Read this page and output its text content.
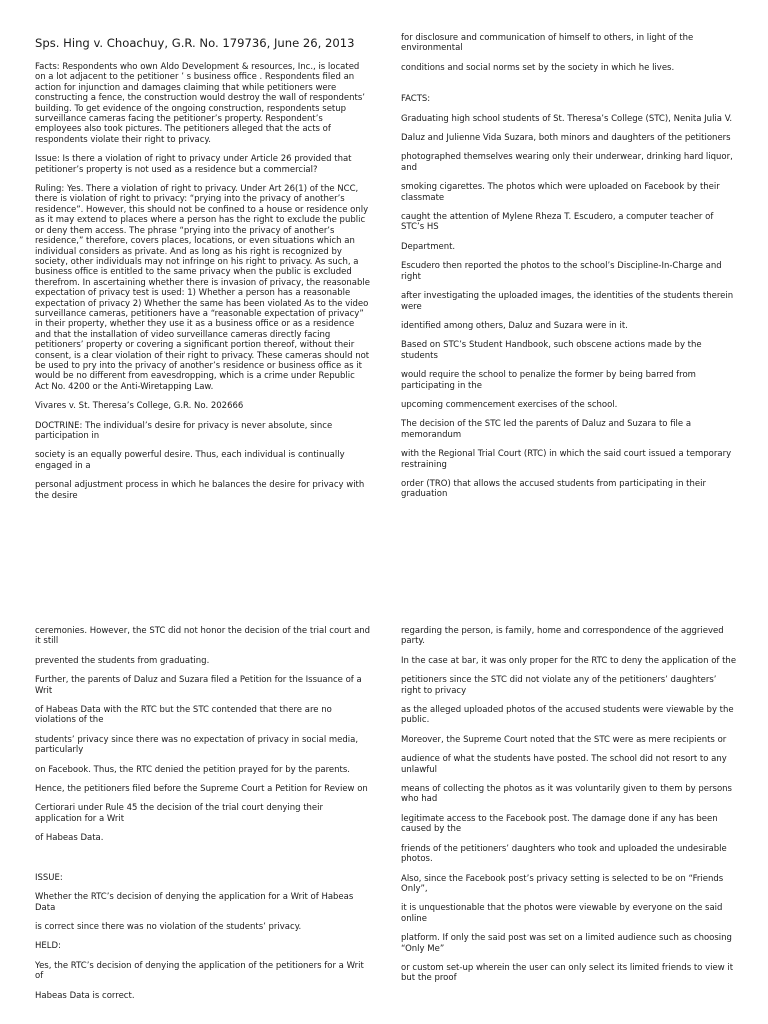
Sps. Hing v. Choachuy, G.R. No. 179736, June 26, 2013

Facts: Respondents who own Aldo Development & resources, Inc., is located on a lot adjacent to the petitioner ’ s business office . Respondents filed an action for injunction and damages claiming that while petitioners were constructing a fence, the construction would destroy the wall of respondents’ building. To get evidence of the ongoing construction, respondents setup surveillance cameras facing the petitioner’s property. Respondent’s employees also took pictures. The petitioners alleged that the acts of respondents violate their right to privacy.

Issue: Is there a violation of right to privacy under Article 26 provided that petitioner’s property is not used as a residence but a commercial?

Ruling: Yes. There a violation of right to privacy. Under Art 26(1) of the NCC, there is violation of right to privacy: “prying into the privacy of another’s residence”. However, this should not be confined to a house or residence only as it may extend to places where a person has the right to exclude the public or deny them access. The phrase “prying into the privacy of another’s residence,” therefore, covers places, locations, or even situations which an individual considers as private. And as long as his right is recognized by society, other individuals may not infringe on his right to privacy. As such, a business office is entitled to the same privacy when the public is excluded therefrom. In ascertaining whether there is invasion of privacy, the reasonable expectation of privacy test is used: 1) Whether a person has a reasonable expectation of privacy 2) Whether the same has been violated As to the video surveillance cameras, petitioners have a “reasonable expectation of privacy” in their property, whether they use it as a business office or as a residence and that the installation of video surveillance cameras directly facing petitioners’ property or covering a significant portion thereof, without their consent, is a clear violation of their right to privacy. These cameras should not be used to pry into the privacy of another’s residence or business office as it would be no different from eavesdropping, which is a crime under Republic Act No. 4200 or the Anti-Wiretapping Law.

Vivares v. St. Theresa’s College, G.R. No. 202666

DOCTRINE: The individual’s desire for privacy is never absolute, since participation in

society is an equally powerful desire. Thus, each individual is continually engaged in a

personal adjustment process in which he balances the desire for privacy with the desire

for disclosure and communication of himself to others, in light of the environmental

conditions and social norms set by the society in which he lives.

FACTS:

Graduating high school students of St. Theresa’s College (STC), Nenita Julia V.

Daluz and Julienne Vida Suzara, both minors and daughters of the petitioners

photographed themselves wearing only their underwear, drinking hard liquor, and

smoking cigarettes. The photos which were uploaded on Facebook by their classmate

caught the attention of Mylene Rheza T. Escudero, a computer teacher of STC’s HS

Department.

Escudero then reported the photos to the school’s Discipline-In-Charge and right

after investigating the uploaded images, the identities of the students therein were

identified among others, Daluz and Suzara were in it.

Based on STC’s Student Handbook, such obscene actions made by the students

would require the school to penalize the former by being barred from participating in the

upcoming commencement exercises of the school.

The decision of the STC led the parents of Daluz and Suzara to file a memorandum

with the Regional Trial Court (RTC) in which the said court issued a temporary restraining

order (TRO) that allows the accused students from participating in their graduation

ceremonies. However, the STC did not honor the decision of the trial court and it still

prevented the students from graduating.

Further, the parents of Daluz and Suzara filed a Petition for the Issuance of a Writ

of Habeas Data with the RTC but the STC contended that there are no violations of the

students’ privacy since there was no expectation of privacy in social media, particularly

on Facebook. Thus, the RTC denied the petition prayed for by the parents.

Hence, the petitioners filed before the Supreme Court a Petition for Review on

Certiorari under Rule 45 the decision of the trial court denying their application for a Writ

of Habeas Data.

ISSUE:

Whether the RTC’s decision of denying the application for a Writ of Habeas Data

is correct since there was no violation of the students’ privacy.

HELD:

Yes, the RTC’s decision of denying the application of the petitioners for a Writ of

Habeas Data is correct.

regarding the person, is family, home and correspondence of the aggrieved party.

In the case at bar, it was only proper for the RTC to deny the application of the

petitioners since the STC did not violate any of the petitioners’ daughters’ right to privacy

as the alleged uploaded photos of the accused students were viewable by the public.

Moreover, the Supreme Court noted that the STC were as mere recipients or

audience of what the students have posted. The school did not resort to any unlawful

means of collecting the photos as it was voluntarily given to them by persons who had

legitimate access to the Facebook post. The damage done if any has been caused by the

friends of the petitioners’ daughters who took and uploaded the undesirable photos.

Also, since the Facebook post’s privacy setting is selected to be on “Friends Only”,

it is unquestionable that the photos were viewable by everyone on the said online

platform. If only the said post was set on a limited audience such as choosing “Only Me”

or custom set-up wherein the user can only select its limited friends to view it but the proof
